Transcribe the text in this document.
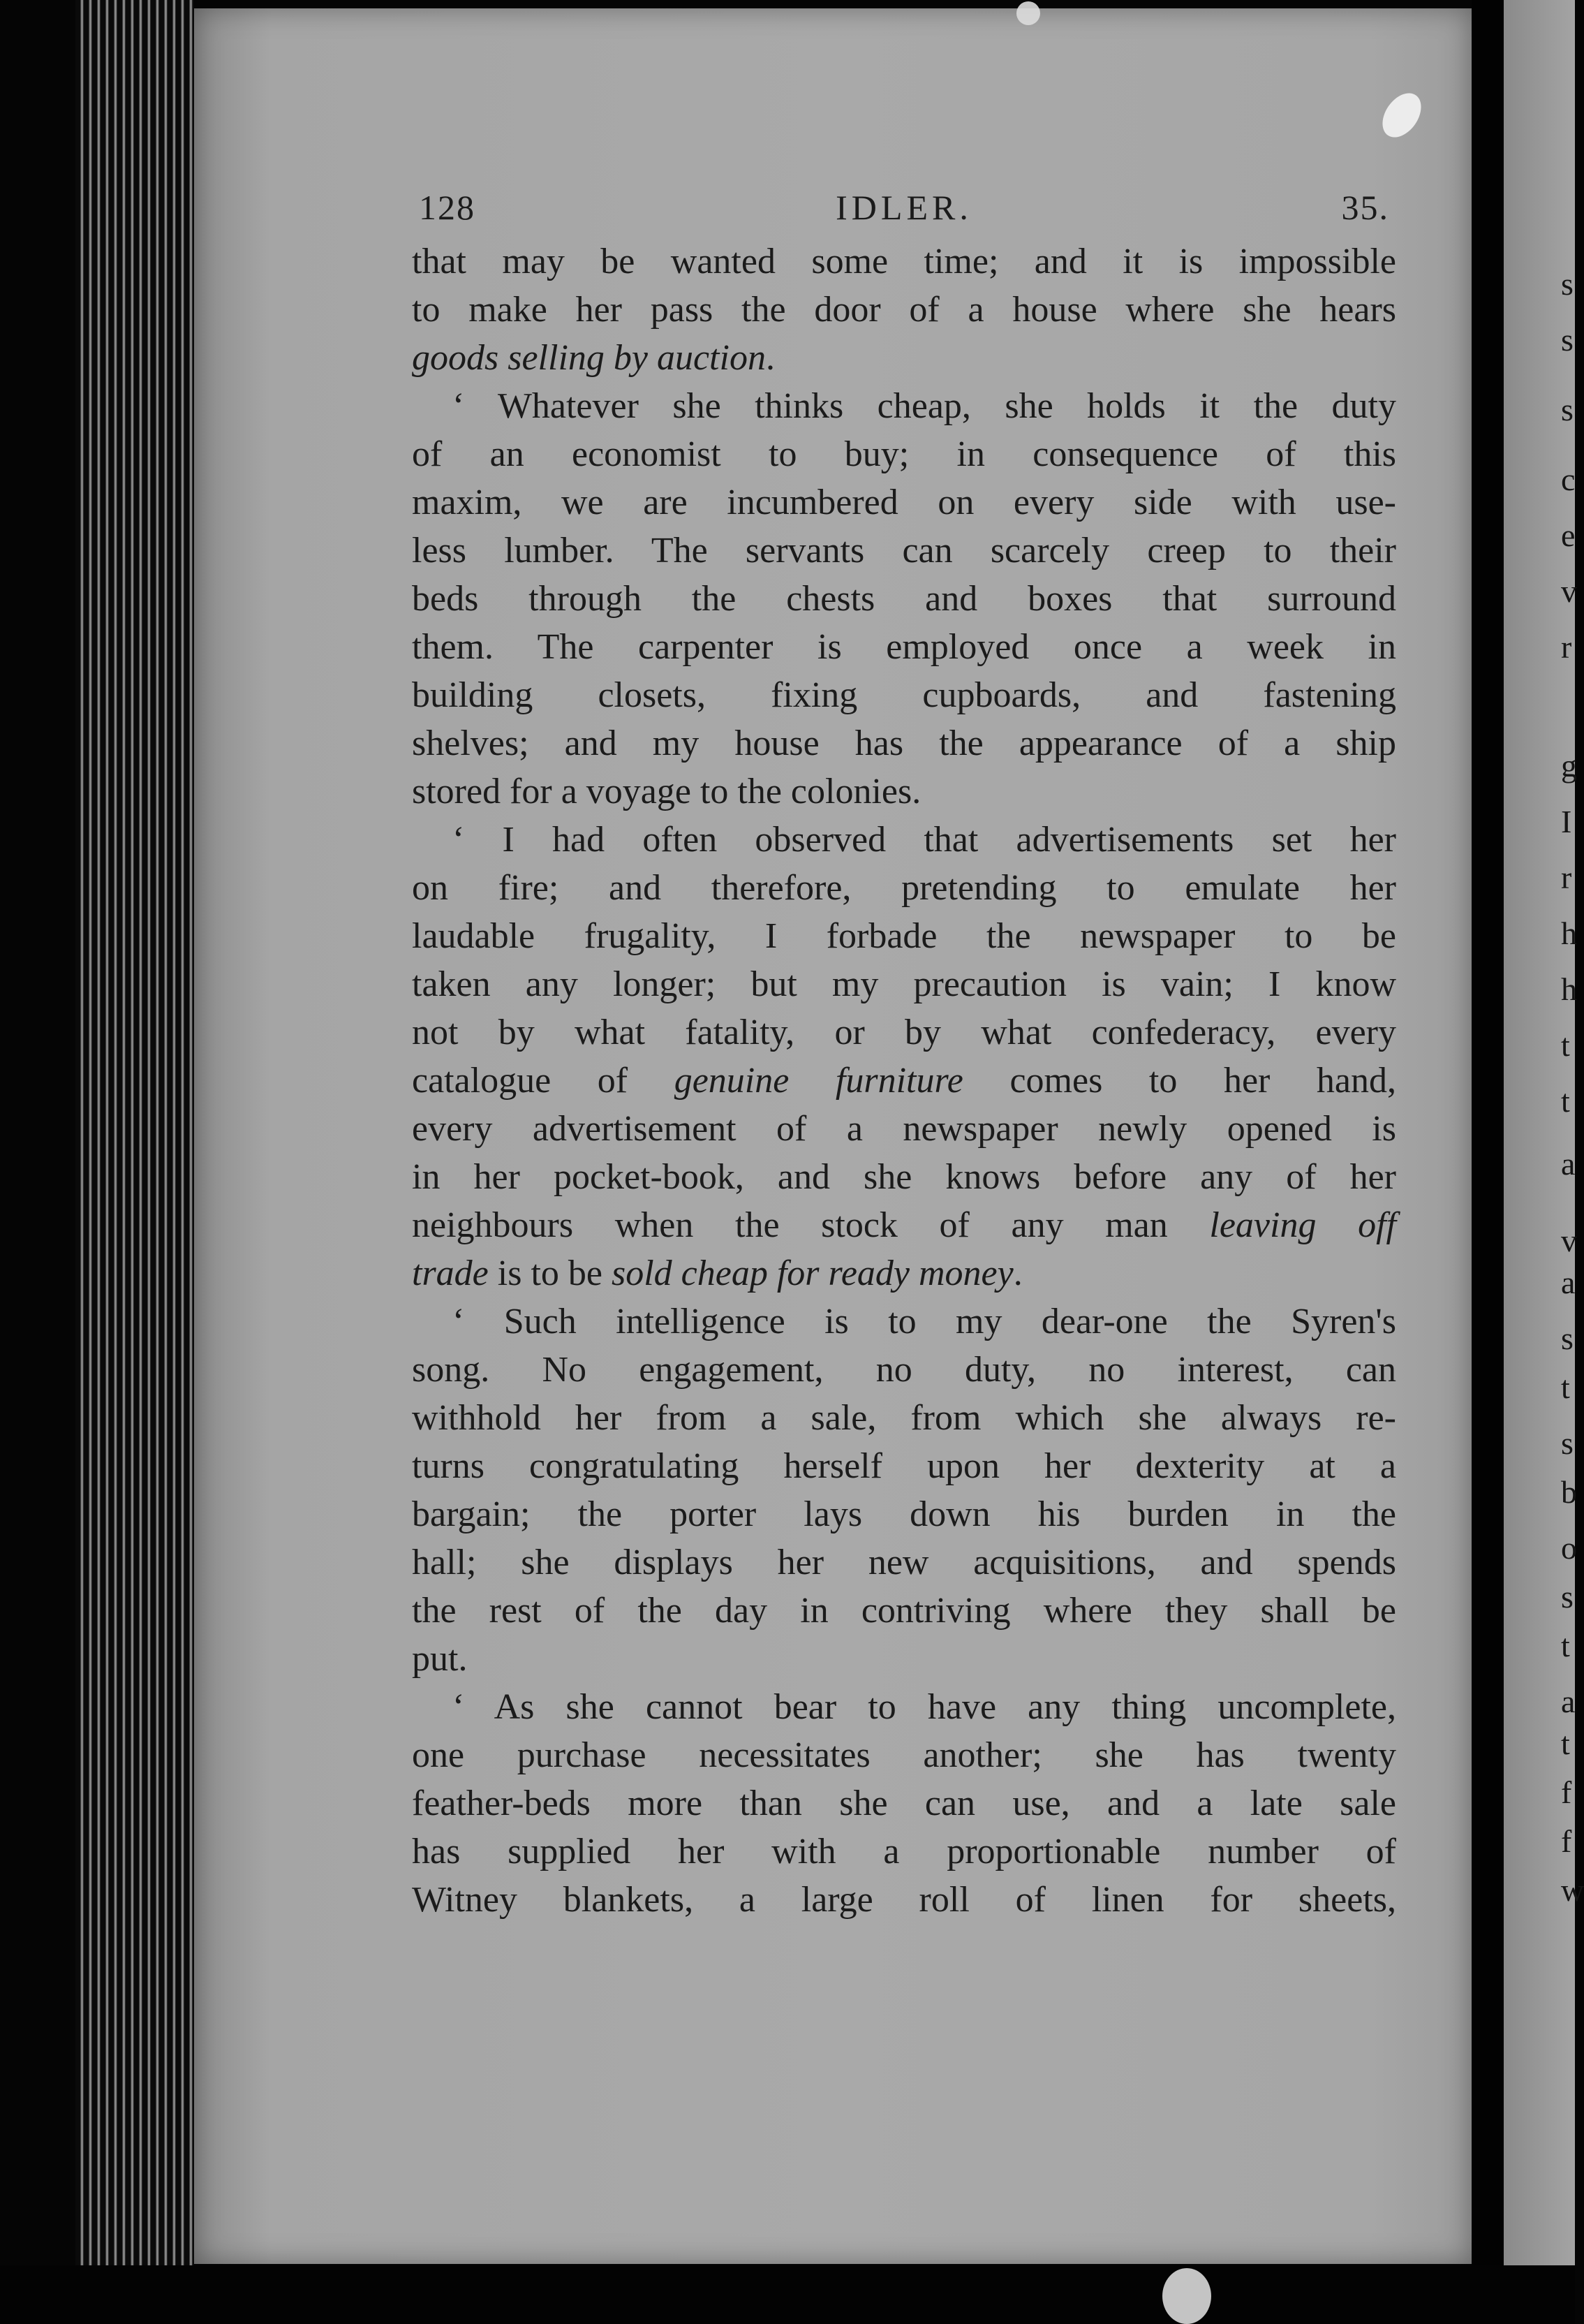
s
s
s
c
e
v
r
g
I
r
h
h
t
t
a
v
a
s
t
s
b
o
s
t
a
t
f
f
w
128	IDLER.	35.
that may be wanted some time; and it is impossible
to make her pass the door of a house where she hears
goods selling by auction.
‘ Whatever she thinks cheap, she holds it the duty
of an economist to buy; in consequence of this
maxim, we are incumbered on every side with use-
less lumber. The servants can scarcely creep to their
beds through the chests and boxes that surround
them. The carpenter is employed once a week in
building closets, fixing cupboards, and fastening
shelves; and my house has the appearance of a ship
stored for a voyage to the colonies.
‘ I had often observed that advertisements set her
on fire; and therefore, pretending to emulate her
laudable frugality, I forbade the newspaper to be
taken any longer; but my precaution is vain; I know
not by what fatality, or by what confederacy, every
catalogue of genuine furniture comes to her hand,
every advertisement of a newspaper newly opened is
in her pocket-book, and she knows before any of her
neighbours when the stock of any man leaving off
trade is to be sold cheap for ready money.
‘ Such intelligence is to my dear-one the Syren's
song. No engagement, no duty, no interest, can
withhold her from a sale, from which she always re-
turns congratulating herself upon her dexterity at a
bargain; the porter lays down his burden in the
hall; she displays her new acquisitions, and spends
the rest of the day in contriving where they shall be
put.
‘ As she cannot bear to have any thing uncomplete,
one purchase necessitates another; she has twenty
feather-beds more than she can use, and a late sale
has supplied her with a proportionable number of
Witney blankets, a large roll of linen for sheets,
